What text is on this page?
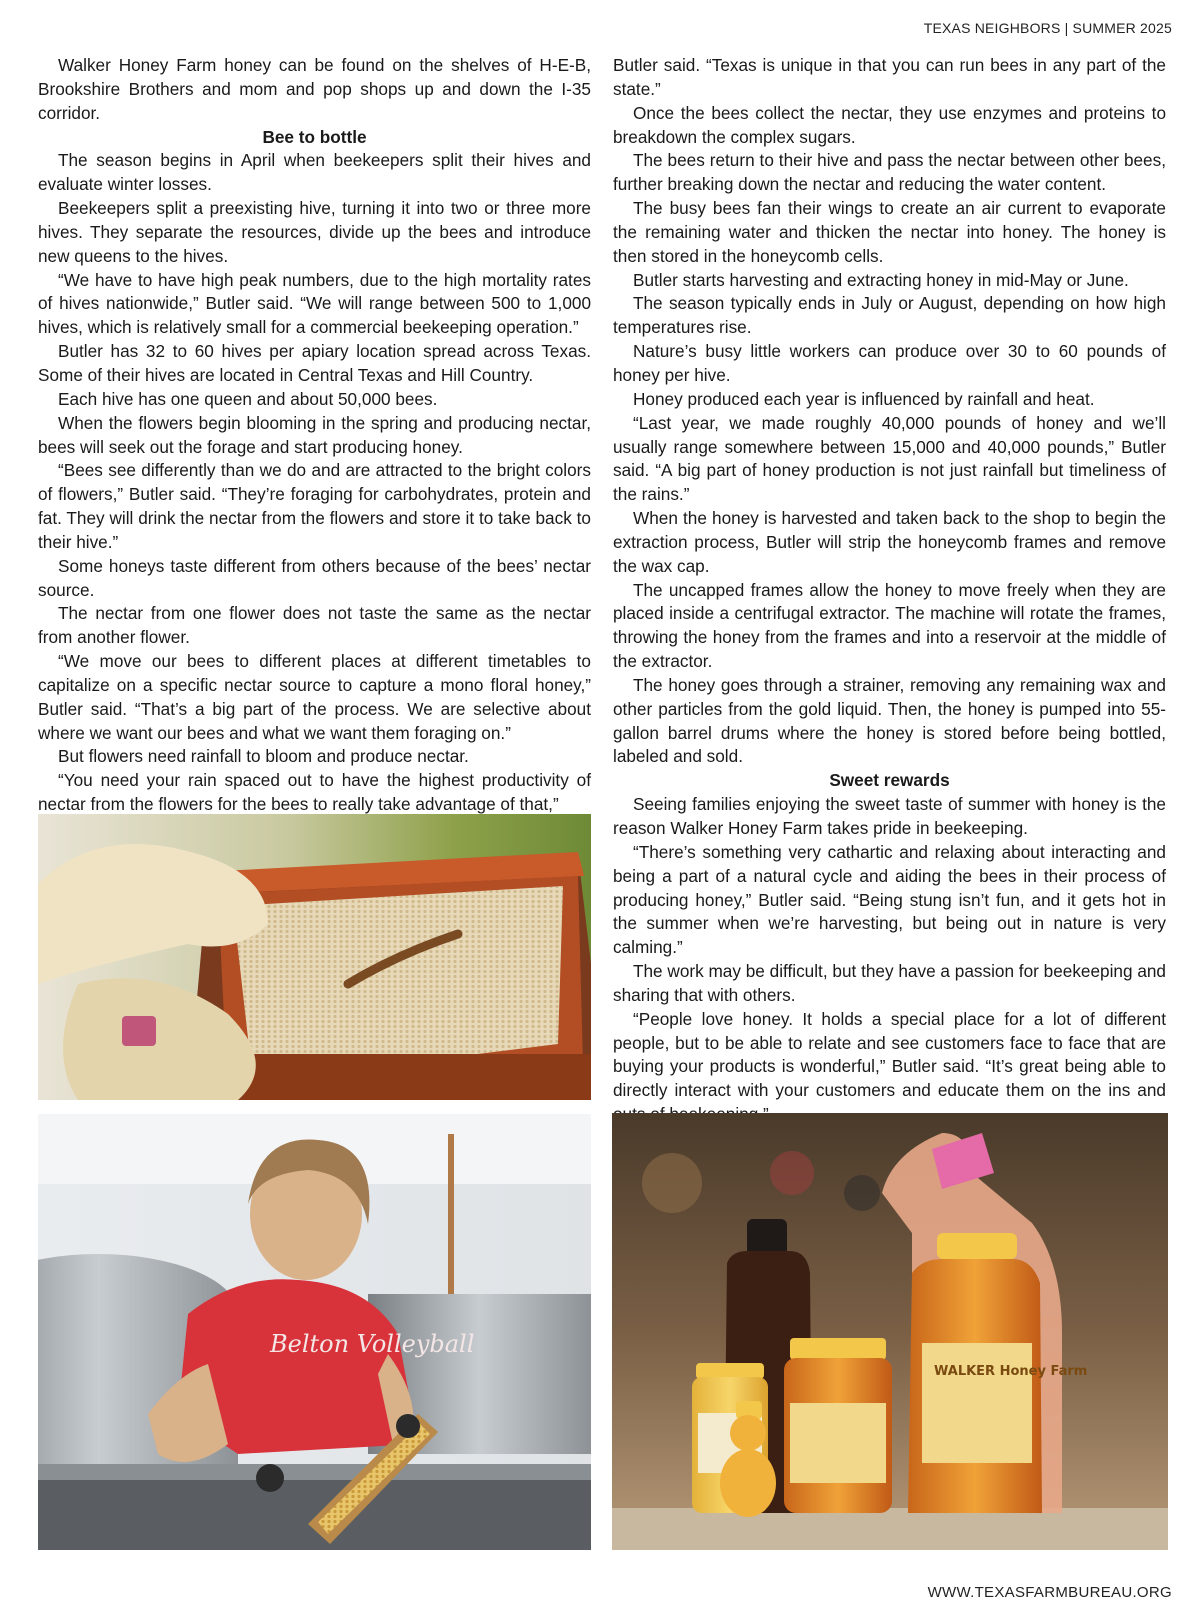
TEXAS NEIGHBORS | SUMMER 2025

Walker Honey Farm honey can be found on the shelves of H-E-B, Brookshire Brothers and mom and pop shops up and down the I-35 corridor.

Bee to bottle

The season begins in April when beekeepers split their hives and evaluate winter losses.

Beekeepers split a preexisting hive, turning it into two or three more hives. They separate the resources, divide up the bees and introduce new queens to the hives.

“We have to have high peak numbers, due to the high mortality rates of hives nationwide,” Butler said. “We will range between 500 to 1,000 hives, which is relatively small for a commercial beekeeping operation.”

Butler has 32 to 60 hives per apiary location spread across Texas. Some of their hives are located in Central Texas and Hill Country.

Each hive has one queen and about 50,000 bees.

When the flowers begin blooming in the spring and producing nectar, bees will seek out the forage and start producing honey.

“Bees see differently than we do and are attracted to the bright colors of flowers,” Butler said. “They’re foraging for carbohydrates, protein and fat. They will drink the nectar from the flowers and store it to take back to their hive.”

Some honeys taste different from others because of the bees’ nectar source.

The nectar from one flower does not taste the same as the nectar from another flower.

“We move our bees to different places at different timetables to capitalize on a specific nectar source to capture a mono floral honey,” Butler said. “That’s a big part of the process. We are selective about where we want our bees and what we want them foraging on.”

But flowers need rainfall to bloom and produce nectar.

“You need your rain spaced out to have the highest productivity of nectar from the flowers for the bees to really take advantage of that,”

Butler said. “Texas is unique in that you can run bees in any part of the state.”

Once the bees collect the nectar, they use enzymes and proteins to breakdown the complex sugars.

The bees return to their hive and pass the nectar between other bees, further breaking down the nectar and reducing the water content.

The busy bees fan their wings to create an air current to evaporate the remaining water and thicken the nectar into honey. The honey is then stored in the honeycomb cells.

Butler starts harvesting and extracting honey in mid-May or June.

The season typically ends in July or August, depending on how high temperatures rise.

Nature’s busy little workers can produce over 30 to 60 pounds of honey per hive.

Honey produced each year is influenced by rainfall and heat.

“Last year, we made roughly 40,000 pounds of honey and we’ll usually range somewhere between 15,000 and 40,000 pounds,” Butler said. “A big part of honey production is not just rainfall but timeliness of the rains.”

When the honey is harvested and taken back to the shop to begin the extraction process, Butler will strip the honeycomb frames and remove the wax cap.

The uncapped frames allow the honey to move freely when they are placed inside a centrifugal extractor. The machine will rotate the frames, throwing the honey from the frames and into a reservoir at the middle of the extractor.

The honey goes through a strainer, removing any remaining wax and other particles from the gold liquid. Then, the honey is pumped into 55-gallon barrel drums where the honey is stored before being bottled, labeled and sold.

Sweet rewards

Seeing families enjoying the sweet taste of summer with honey is the reason Walker Honey Farm takes pride in beekeeping.

“There’s something very cathartic and relaxing about interacting and being a part of a natural cycle and aiding the bees in their process of producing honey,” Butler said. “Being stung isn’t fun, and it gets hot in the summer when we’re harvesting, but being out in nature is very calming.”

The work may be difficult, but they have a passion for beekeeping and sharing that with others.

“People love honey. It holds a special place for a lot of different people, but to be able to relate and see customers face to face that are buying your products is wonderful,” Butler said. “It’s great being able to directly interact with your customers and educate them on the ins and

Belton Volleyball
WALKER Honey Farm
WWW.TEXASFARMBUREAU.ORG
